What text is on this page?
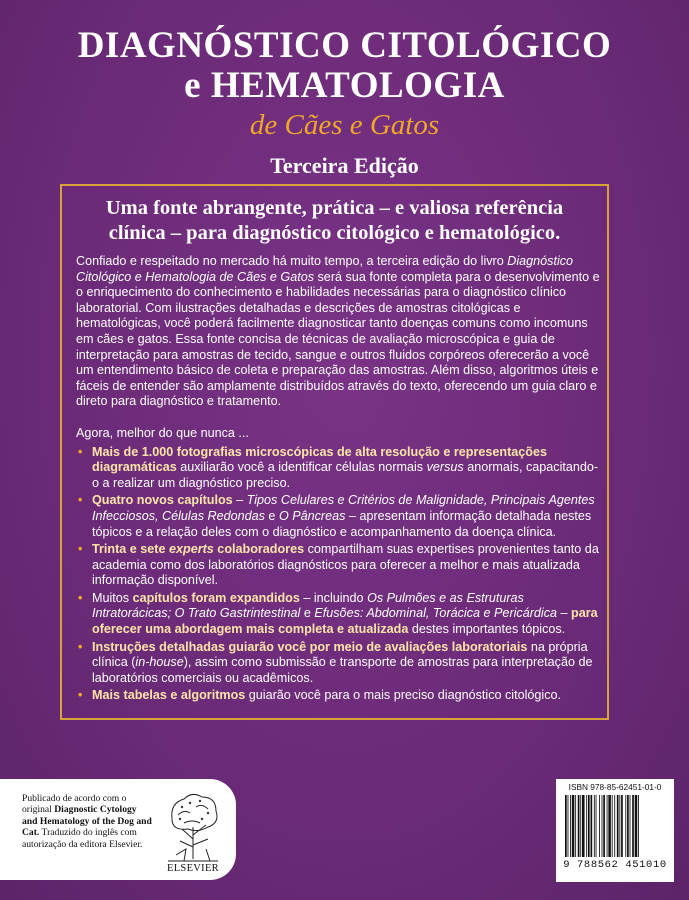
DIAGNÓSTICO CITOLÓGICO
e HEMATOLOGIA
de Cães e Gatos
Terceira Edição
Uma fonte abrangente, prática – e valiosa referência
clínica – para diagnóstico citológico e hematológico.

Confiado e respeitado no mercado há muito tempo, a terceira edição do livro Diagnóstico Citológico e Hematologia de Cães e Gatos será sua fonte completa para o desenvolvimento e o enriquecimento do conhecimento e habilidades necessárias para o diagnóstico clínico laboratorial. Com ilustrações detalhadas e descrições de amostras citológicas e hematológicas, você poderá facilmente diagnosticar tanto doenças comuns como incomuns em cães e gatos. Essa fonte concisa de técnicas de avaliação microscópica e guia de interpretação para amostras de tecido, sangue e outros fluidos corpóreos oferecerão a você um entendimento básico de coleta e preparação das amostras. Além disso, algoritmos úteis e fáceis de entender são amplamente distribuídos através do texto, oferecendo um guia claro e direto para diagnóstico e tratamento.

Agora, melhor do que nunca ...

• Mais de 1.000 fotografias microscópicas de alta resolução e representações diagramáticas auxiliarão você a identificar células normais versus anormais, capacitando-o a realizar um diagnóstico preciso.
• Quatro novos capítulos – Tipos Celulares e Critérios de Malignidade, Principais Agentes Infecciosos, Células Redondas e O Pâncreas – apresentam informação detalhada nestes tópicos e a relação deles com o diagnóstico e acompanhamento da doença clínica.
• Trinta e sete experts colaboradores compartilham suas expertises provenientes tanto da academia como dos laboratórios diagnósticos para oferecer a melhor e mais atualizada informação disponível.
• Muitos capítulos foram expandidos – incluindo Os Pulmões e as Estruturas Intratorácicas; O Trato Gastrintestinal e Efusões: Abdominal, Torácica e Pericárdica – para oferecer uma abordagem mais completa e atualizada destes importantes tópicos.
• Instruções detalhadas guiarão você por meio de avaliações laboratoriais na própria clínica (in-house), assim como submissão e transporte de amostras para interpretação de laboratórios comerciais ou acadêmicos.
• Mais tabelas e algoritmos guiarão você para o mais preciso diagnóstico citológico.
Publicado de acordo com o original Diagnostic Cytology and Hematology of the Dog and Cat. Traduzido do inglês com autorização da editora Elsevier.
ELSEVIER
ISBN 978-85-62451-01-0
9 788562 451010
